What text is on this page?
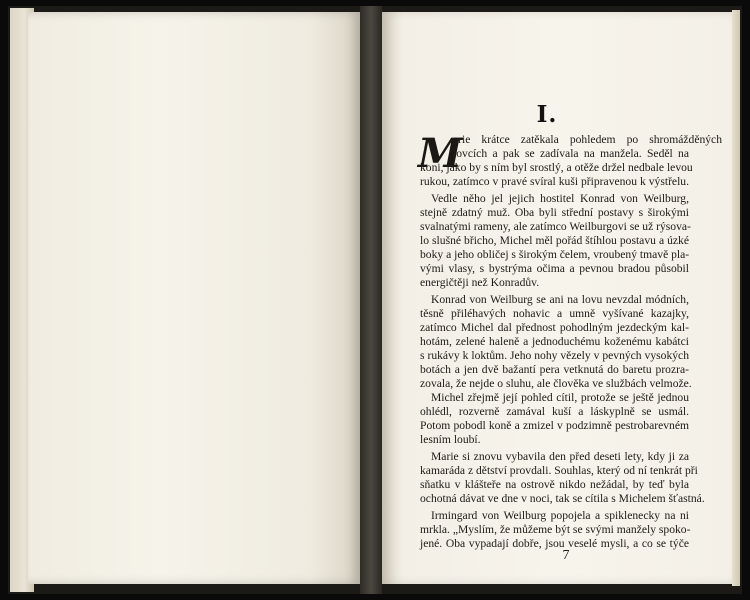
I.
M
arie krátce zatěkala pohledem po shromážděných
lovcích a pak se zadívala na manžela. Seděl na
koni, jako by s ním byl srostlý, a otěže držel nedbale levou
rukou, zatímco v pravé svíral kuši připravenou k výstřelu.
Vedle něho jel jejich hostitel Konrad von Weilburg,
stejně zdatný muž. Oba byli střední postavy s širokými
svalnatými rameny, ale zatímco Weilburgovi se už rýsova-
lo slušné břicho, Michel měl pořád štíhlou postavu a úzké
boky a jeho obličej s širokým čelem, vroubený tmavě pla-
vými vlasy, s bystrýma očima a pevnou bradou působil
energičtěji než Konradův.
Konrad von Weilburg se ani na lovu nevzdal módních,
těsně přiléhavých nohavic a umně vyšívané kazajky,
zatímco Michel dal přednost pohodlným jezdeckým kal-
hotám, zelené haleně a jednoduchému koženému kabátci
s rukávy k loktům. Jeho nohy vězely v pevných vysokých
botách a jen dvě bažantí pera vetknutá do baretu prozra-
zovala, že nejde o sluhu, ale člověka ve službách velmože.
Michel zřejmě její pohled cítil, protože se ještě jednou
ohlédl, rozverně zamával kuší a láskyplně se usmál.
Potom pobodl koně a zmizel v podzimně pestrobarevném
lesním loubí.
Marie si znovu vybavila den před deseti lety, kdy ji za
kamaráda z dětství provdali. Souhlas, který od ní tenkrát při
sňatku v klášteře na ostrově nikdo nežádal, by teď byla
ochotná dávat ve dne v noci, tak se cítila s Michelem šťastná.
Irmingard von Weilburg popojela a spiklenecky na ni
mrkla. „Myslím, že můžeme být se svými manžely spoko-
jené. Oba vypadají dobře, jsou veselé mysli, a co se týče
7
